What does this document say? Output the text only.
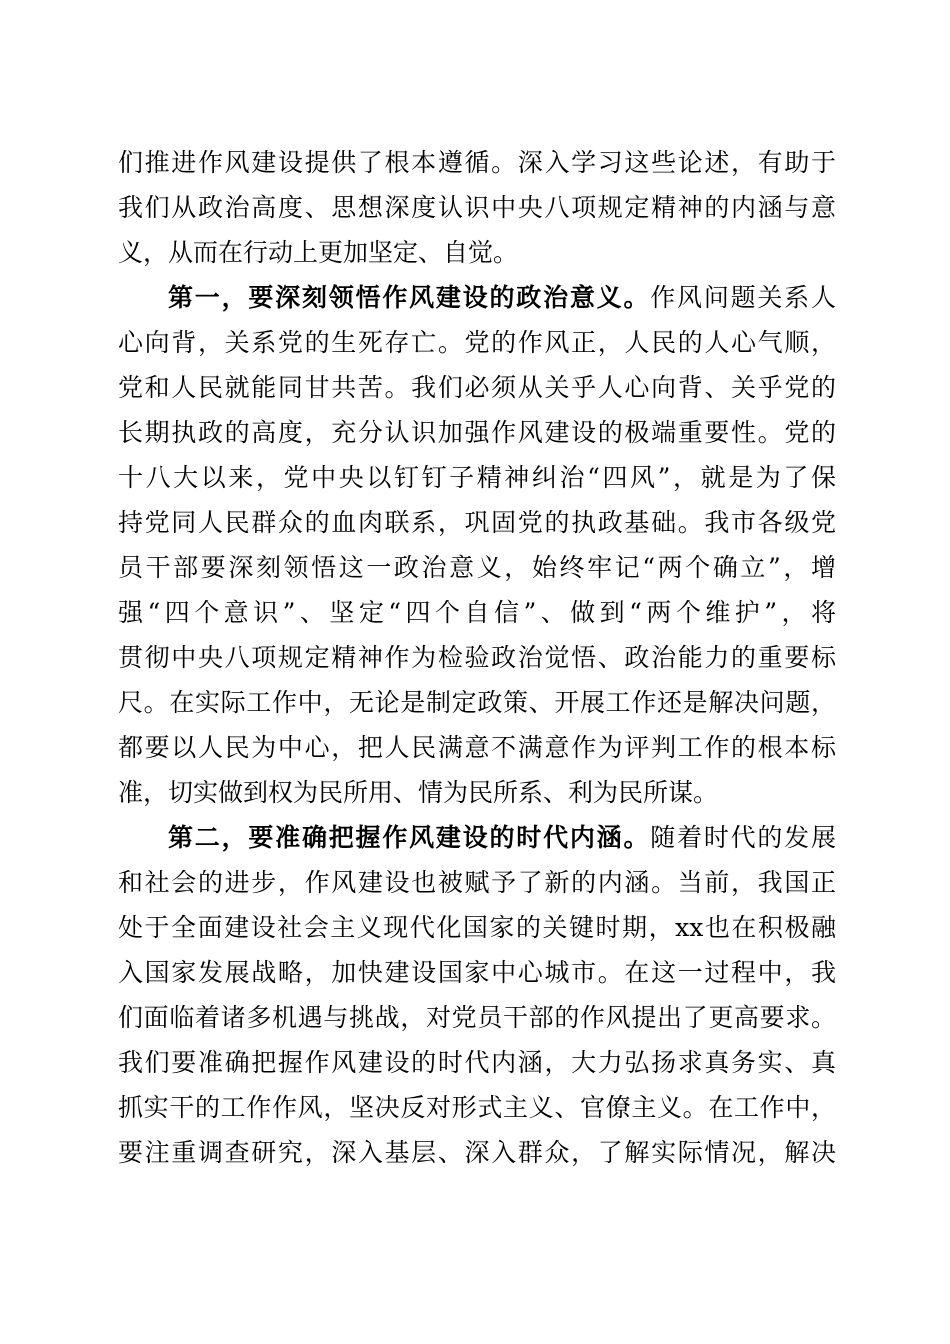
们推进作风建设提供了根本遵循。深入学习这些论述，有助于
我们从政治高度、思想深度认识中央八项规定精神的内涵与意
义，从而在行动上更加坚定、自觉。
第一，要深刻领悟作风建设的政治意义。作风问题关系人
心向背，关系党的生死存亡。党的作风正，人民的人心气顺，
党和人民就能同甘共苦。我们必须从关乎人心向背、关乎党的
长期执政的高度，充分认识加强作风建设的极端重要性。党的
十八大以来，党中央以钉钉子精神纠治“四风”，就是为了保
持党同人民群众的血肉联系，巩固党的执政基础。我市各级党
员干部要深刻领悟这一政治意义，始终牢记“两个确立”，增
强“四个意识”、坚定“四个自信”、做到“两个维护”，将
贯彻中央八项规定精神作为检验政治觉悟、政治能力的重要标
尺。在实际工作中，无论是制定政策、开展工作还是解决问题，
都要以人民为中心，把人民满意不满意作为评判工作的根本标
准，切实做到权为民所用、情为民所系、利为民所谋。
第二，要准确把握作风建设的时代内涵。随着时代的发展
和社会的进步，作风建设也被赋予了新的内涵。当前，我国正
处于全面建设社会主义现代化国家的关键时期，xx也在积极融
入国家发展战略，加快建设国家中心城市。在这一过程中，我
们面临着诸多机遇与挑战，对党员干部的作风提出了更高要求。
我们要准确把握作风建设的时代内涵，大力弘扬求真务实、真
抓实干的工作作风，坚决反对形式主义、官僚主义。在工作中，
要注重调查研究，深入基层、深入群众，了解实际情况，解决
